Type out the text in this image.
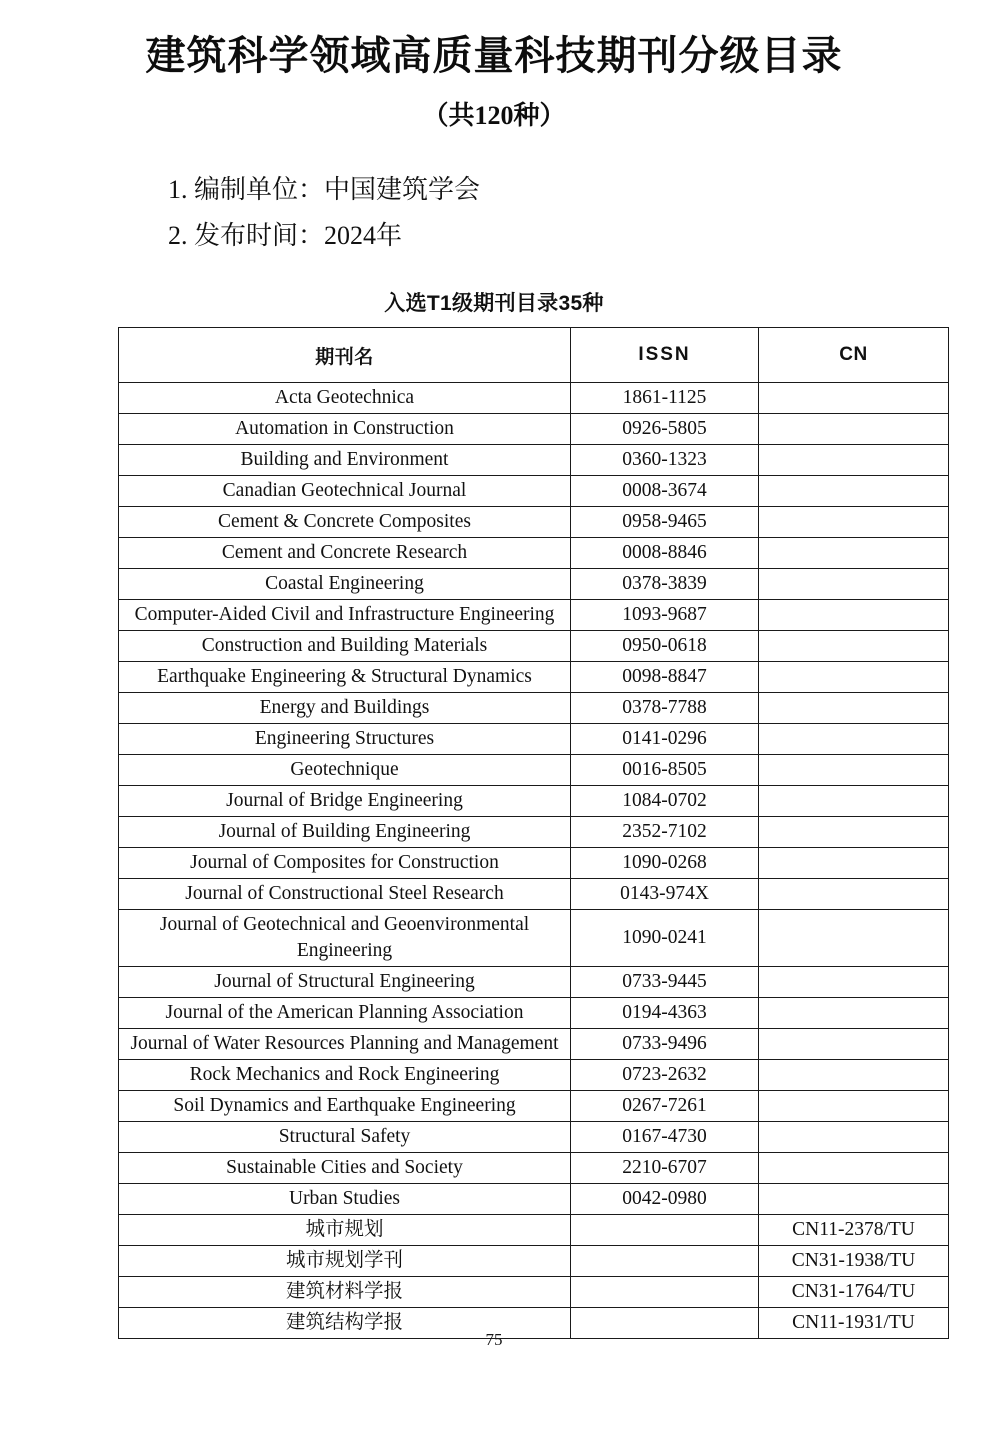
建筑科学领域高质量科技期刊分级目录
（共120种）
1. 编制单位：中国建筑学会
2. 发布时间：2024年
入选T1级期刊目录35种
期刊名	ISSN	CN
Acta Geotechnica	1861-1125	
Automation in Construction	0926-5805	
Building and Environment	0360-1323	
Canadian Geotechnical Journal	0008-3674	
Cement & Concrete Composites	0958-9465	
Cement and Concrete Research	0008-8846	
Coastal Engineering	0378-3839	
Computer-Aided Civil and Infrastructure Engineering	1093-9687	
Construction and Building Materials	0950-0618	
Earthquake Engineering & Structural Dynamics	0098-8847	
Energy and Buildings	0378-7788	
Engineering Structures	0141-0296	
Geotechnique	0016-8505	
Journal of Bridge Engineering	1084-0702	
Journal of Building Engineering	2352-7102	
Journal of Composites for Construction	1090-0268	
Journal of Constructional Steel Research	0143-974X	

Journal of Geotechnical and Geoenvironmental Engineering	1090-0241	
Journal of Structural Engineering	0733-9445	
Journal of the American Planning Association	0194-4363	
Journal of Water Resources Planning and Management	0733-9496	
Rock Mechanics and Rock Engineering	0723-2632	
Soil Dynamics and Earthquake Engineering	0267-7261	
Structural Safety	0167-4730	
Sustainable Cities and Society	2210-6707	
Urban Studies	0042-0980	
城市规划		CN11-2378/TU
城市规划学刊		CN31-1938/TU
建筑材料学报		CN31-1764/TU
建筑结构学报		CN11-1931/TU
75
